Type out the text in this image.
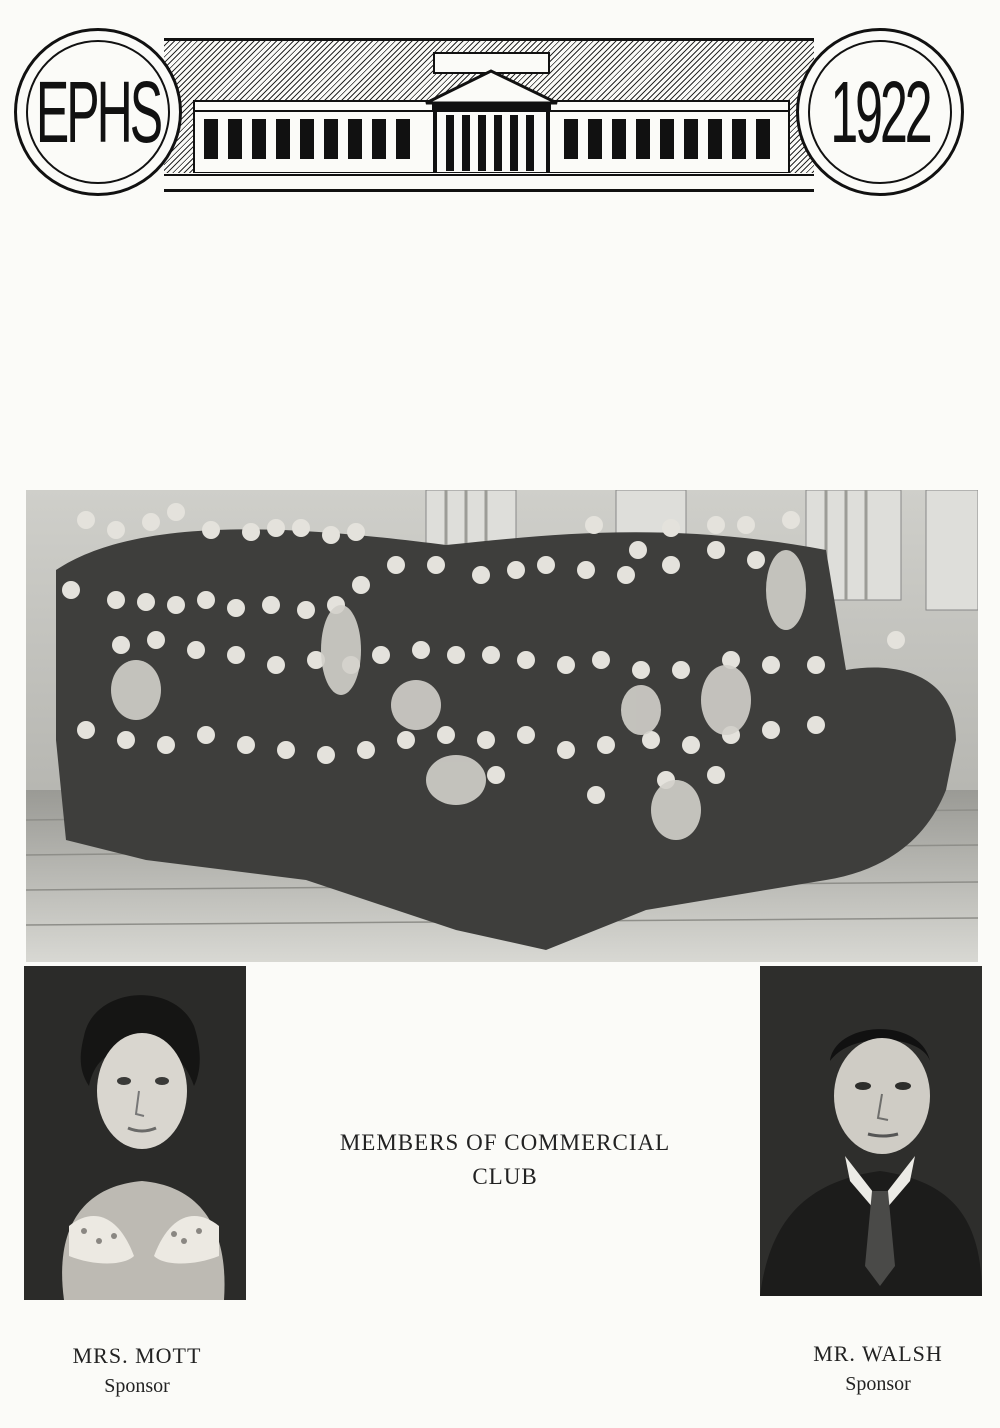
EPHS	1922
MEMBERS OF COMMERCIAL
CLUB
MRS. MOTT
Sponsor
MR. WALSH
Sponsor
